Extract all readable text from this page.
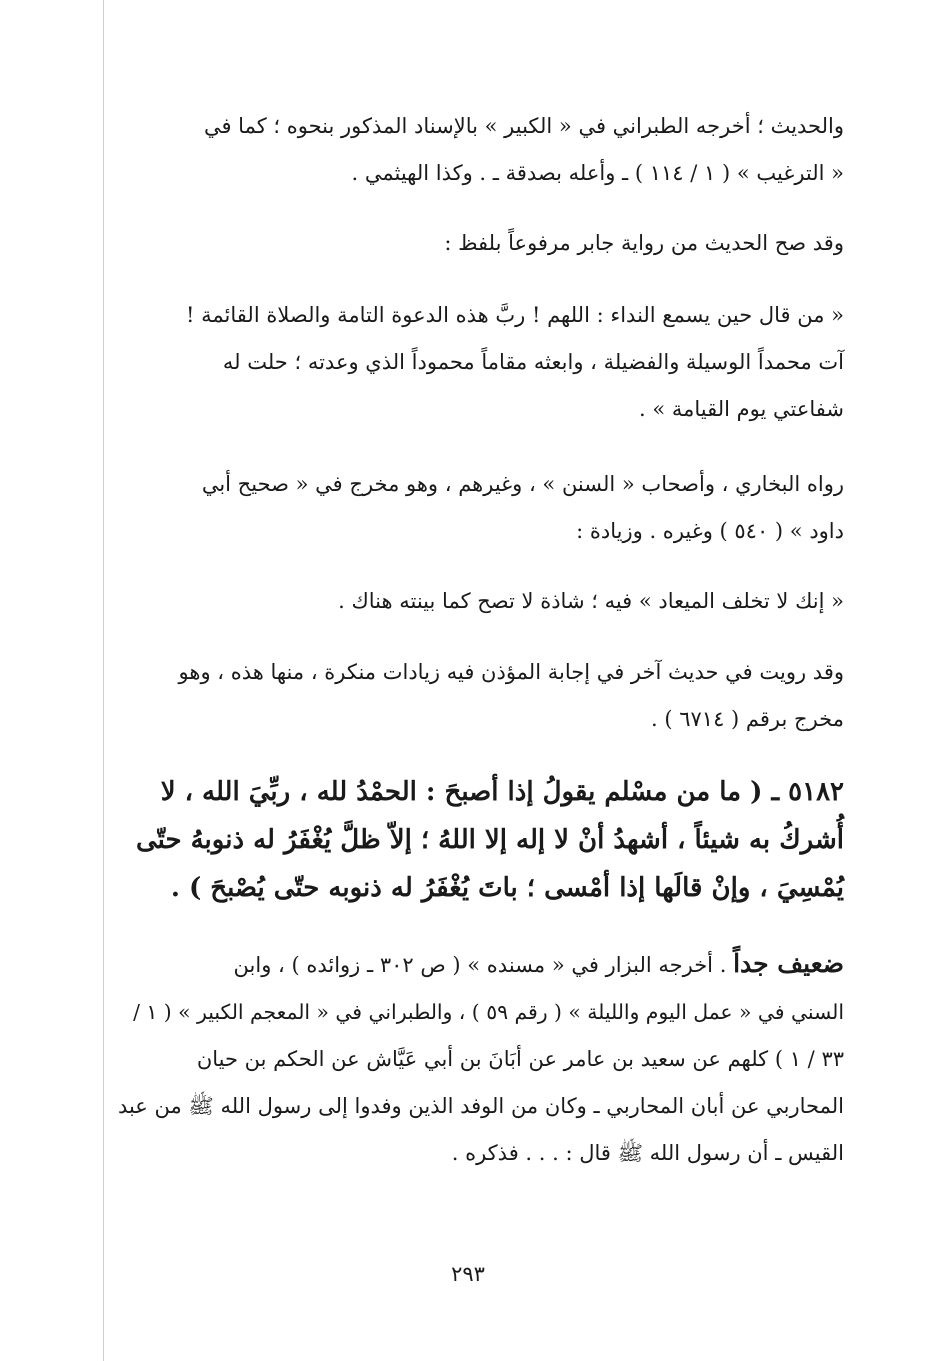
والحديث ؛ أخرجه الطبراني في « الكبير » بالإسناد المذكور بنحوه ؛ كما في
« الترغيب » ( ١ / ١١٤ ) ـ وأعله بصدقة ـ . وكذا الهيثمي .
وقد صح الحديث من رواية جابر مرفوعاً بلفظ :
« من قال حين يسمع النداء : اللهم ! ربَّ هذه الدعوة التامة والصلاة القائمة !
آت محمداً الوسيلة والفضيلة ، وابعثه مقاماً محموداً الذي وعدته ؛ حلت له
شفاعتي يوم القيامة » .
رواه البخاري ، وأصحاب « السنن » ، وغيرهم ، وهو مخرج في « صحيح أبي
داود » ( ٥٤٠ ) وغيره . وزيادة :
« إنك لا تخلف الميعاد » فيه ؛ شاذة لا تصح كما بينته هناك .
وقد رويت في حديث آخر في إجابة المؤذن فيه زيادات منكرة ، منها هذه ، وهو
مخرج برقم ( ٦٧١٤ ) .
٥١٨٢ ـ ( ما من مسْلم يقولُ إذا أصبحَ : الحمْدُ لله ، ربِّيَ الله ، لا
أُشركُ به شيئاً ، أشهدُ أنْ لا إله إلا اللهُ ؛ إلاّ ظلَّ يُغْفَرُ له ذنوبهُ حتّى
يُمْسِيَ ، وإنْ قالَها إذا أمْسى ؛ باتَ يُغْفَرُ له ذنوبه حتّى يُصْبحَ ) .
ضعيف جداً . أخرجه البزار في « مسنده » ( ص ٣٠٢ ـ زوائده ) ، وابن
السني في « عمل اليوم والليلة » ( رقم ٥٩ ) ، والطبراني في « المعجم الكبير » ( ١ /
٣٣ / ١ ) كلهم عن سعيد بن عامر عن أبَانَ بن أبي عَيَّاش عن الحكم بن حيان
المحاربي عن أبان المحاربي ـ وكان من الوفد الذين وفدوا إلى رسول الله ﷺ من عبد
القيس ـ أن رسول الله ﷺ قال : . . . فذكره .
٢٩٣
